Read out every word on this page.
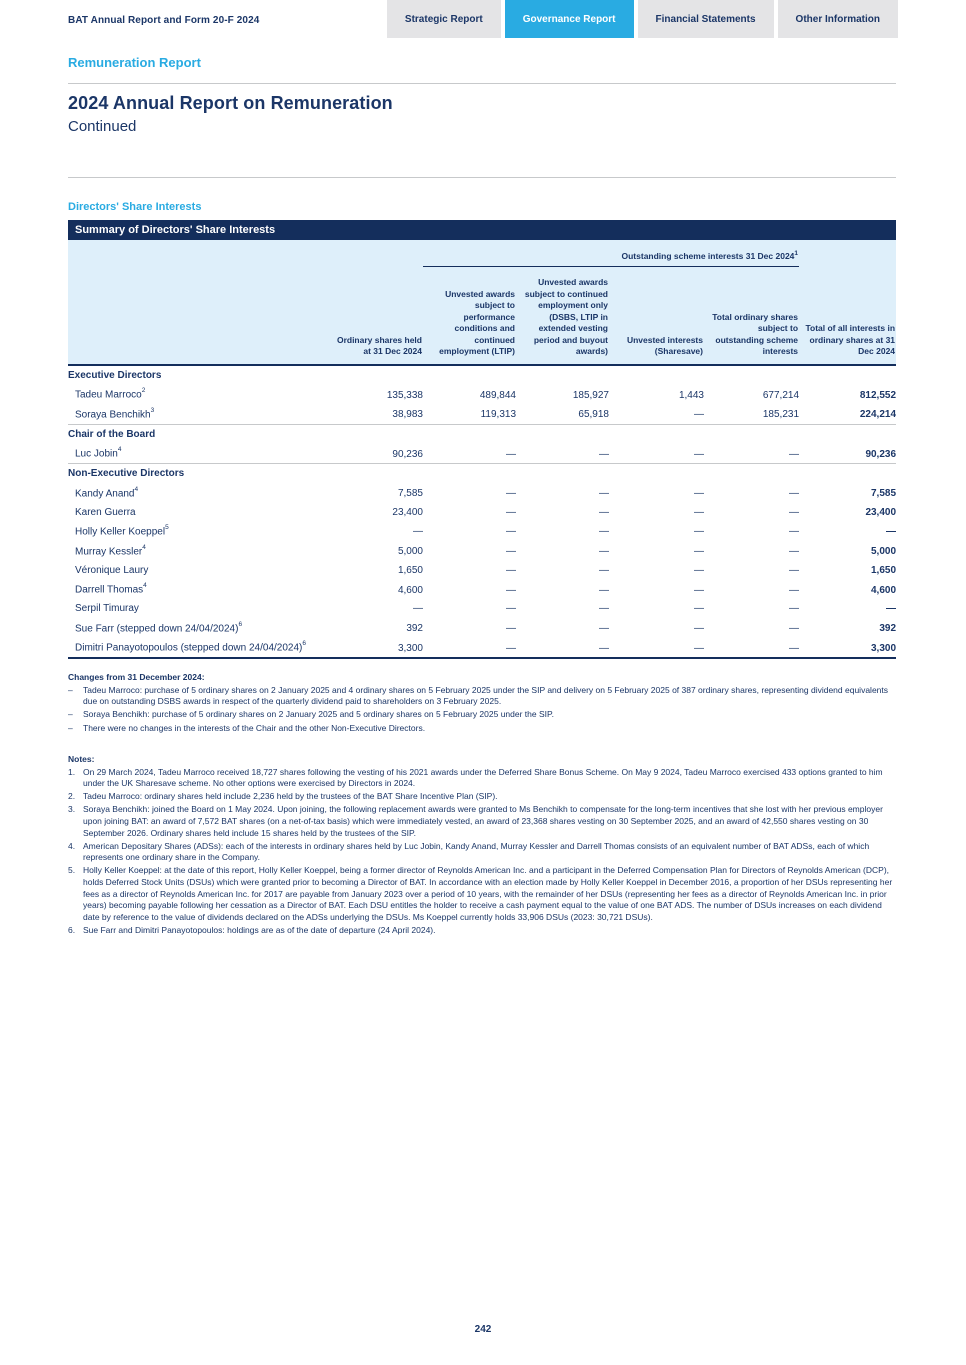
BAT Annual Report and Form 20-F 2024	Strategic Report	Governance Report	Financial Statements	Other Information
Remuneration Report
2024 Annual Report on Remuneration
Continued
Directors' Share Interests
Summary of Directors' Share Interests
		Outstanding scheme interests 31 Dec 2024$^1$	
	Ordinary shares held at 31 Dec 2024	Unvested awards subject to performance conditions and continued employment (LTIP)	Unvested awards subject to continued employment only (DSBS, LTIP in extended vesting period and buyout awards)	Unvested interests (Sharesave)	Total ordinary shares subject to outstanding scheme interests	Total of all interests in ordinary shares at 31 Dec 2024
Executive Directors						
Tadeu Marroco$^2$	135,338	489,844	185,927	1,443	677,214	812,552
Soraya Benchikh$^3$	38,983	119,313	65,918	—	185,231	224,214
Chair of the Board						
Luc Jobin$^4$	90,236	—	—	—	—	90,236
Non-Executive Directors						
Kandy Anand$^4$	7,585	—	—	—	—	7,585
Karen Guerra	23,400	—	—	—	—	23,400
Holly Keller Koeppel$^5$	—	—	—	—	—	—
Murray Kessler$^4$	5,000	—	—	—	—	5,000
Véronique Laury	1,650	—	—	—	—	1,650
Darrell Thomas$^4$	4,600	—	—	—	—	4,600
Serpil Timuray	—	—	—	—	—	—
Sue Farr (stepped down 24/04/2024)$^6$	392	—	—	—	—	392
Dimitri Panayotopoulos (stepped down 24/04/2024)$^6$	3,300	—	—	—	—	3,300
Changes from 31 December 2024:
–	Tadeu Marroco: purchase of 5 ordinary shares on 2 January 2025 and 4 ordinary shares on 5 February 2025 under the SIP and delivery on 5 February 2025 of 387 ordinary shares, representing dividend equivalents due on outstanding DSBS awards in respect of the quarterly dividend paid to shareholders on 3 February 2025.
–	Soraya Benchikh: purchase of 5 ordinary shares on 2 January 2025 and 5 ordinary shares on 5 February 2025 under the SIP.
–	There were no changes in the interests of the Chair and the other Non-Executive Directors.
Notes:
1. On 29 March 2024, Tadeu Marroco received 18,727 shares following the vesting of his 2021 awards under the Deferred Share Bonus Scheme. On May 9 2024, Tadeu Marroco exercised 433 options granted to him under the UK Sharesave scheme. No other options were exercised by Directors in 2024.
2. Tadeu Marroco: ordinary shares held include 2,236 held by the trustees of the BAT Share Incentive Plan (SIP).
3. Soraya Benchikh: joined the Board on 1 May 2024. Upon joining, the following replacement awards were granted to Ms Benchikh to compensate for the long-term incentives that she lost with her previous employer upon joining BAT: an award of 7,572 BAT shares (on a net-of-tax basis) which were immediately vested, an award of 23,368 shares vesting on 30 September 2025, and an award of 42,550 shares vesting on 30 September 2026. Ordinary shares held include 15 shares held by the trustees of the SIP.
4. American Depositary Shares (ADSs): each of the interests in ordinary shares held by Luc Jobin, Kandy Anand, Murray Kessler and Darrell Thomas consists of an equivalent number of BAT ADSs, each of which represents one ordinary share in the Company.
5. Holly Keller Koeppel: at the date of this report, Holly Keller Koeppel, being a former director of Reynolds American Inc. and a participant in the Deferred Compensation Plan for Directors of Reynolds American (DCP), holds Deferred Stock Units (DSUs) which were granted prior to becoming a Director of BAT. In accordance with an election made by Holly Keller Koeppel in December 2016, a proportion of her DSUs representing her fees as a director of Reynolds American Inc. for 2017 are payable from January 2023 over a period of 10 years, with the remainder of her DSUs (representing her fees as a director of Reynolds American Inc. in prior years) becoming payable following her cessation as a Director of BAT. Each DSU entitles the holder to receive a cash payment equal to the value of one BAT ADS. The number of DSUs increases on each dividend date by reference to the value of dividends declared on the ADSs underlying the DSUs. Ms Koeppel currently holds 33,906 DSUs (2023: 30,721 DSUs).
6. Sue Farr and Dimitri Panayotopoulos: holdings are as of the date of departure (24 April 2024).
242
